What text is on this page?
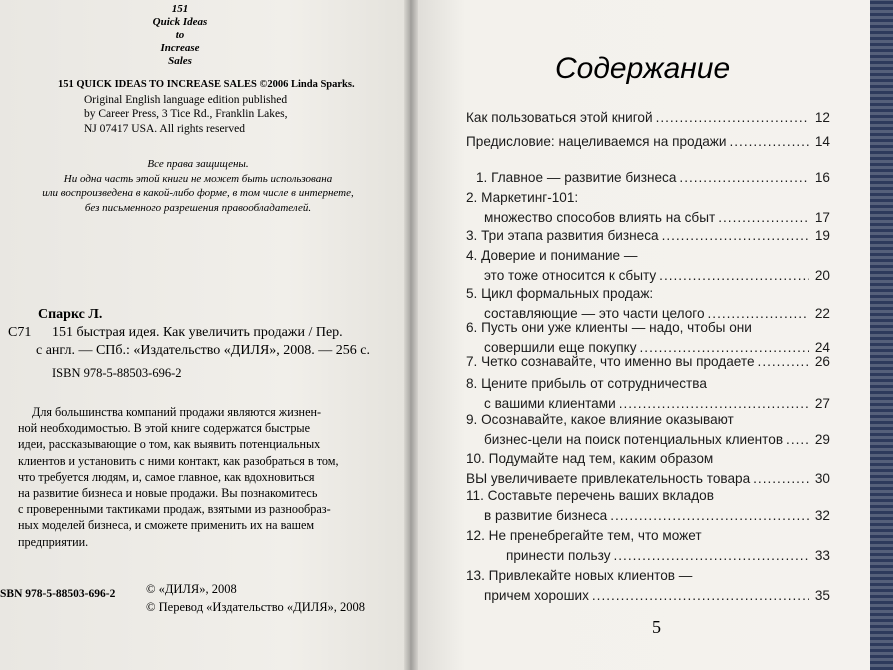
151
Quick Ideas
to
Increase
Sales
151 QUICK IDEAS TO INCREASE SALES ©2006 Linda Sparks.
Original English language edition published
by Career Press, 3 Tice Rd., Franklin Lakes,
NJ 07417 USA. All rights reserved
Все права защищены.
Ни одна часть этой книги не может быть использована
или воспроизведена в какой-либо форме, в том числе в интернете,
без письменного разрешения правообладателей.
Спаркс Л.
С71 151 быстрая идея. Как увеличить продажи / Пер.
с англ. — СПб.: «Издательство «ДИЛЯ», 2008. — 256 с.
ISBN 978-5-88503-696-2
Для большинства компаний продажи являются жизнен-
ной необходимостью. В этой книге содержатся быстрые
идеи, рассказывающие о том, как выявить потенциальных
клиентов и установить с ними контакт, как разобраться в том,
что требуется людям, и, самое главное, как вдохновиться
на развитие бизнеса и новые продажи. Вы познакомитесь
с проверенными тактиками продаж, взятыми из разнообраз-
ных моделей бизнеса, и сможете применить их на вашем
предприятии.
SBN 978-5-88503-696-2 © «ДИЛЯ», 2008
© Перевод «Издательство «ДИЛЯ», 2008
Содержание
Как пользоваться этой книгой .....	12
Предисловие: нацеливаемся на продажи .....	14
1. Главное — развитие бизнеса .....	16
2. Маркетинг-101:
множество способов влиять на сбыт .....	17
3. Три этапа развития бизнеса .....	19
4. Доверие и понимание —
это тоже относится к сбыту .....	20
5. Цикл формальных продаж:
составляющие — это части целого .....	22
6. Пусть они уже клиенты — надо, чтобы они
совершили еще покупку .....	24
7. Четко сознавайте, что именно вы продаете .....	26
8. Цените прибыль от сотрудничества
с вашими клиентами .....	27
9. Осознавайте, какое влияние оказывают
бизнес-цели на поиск потенциальных клиентов ..... 29
10. Подумайте над тем, каким образом
ВЫ увеличиваете привлекательность товара .....	30
11. Составьте перечень ваших вкладов
в развитие бизнеса .....	32
12. Не пренебрегайте тем, что может
принести пользу .....	33
13. Привлекайте новых клиентов —
причем хороших .....	35
5
